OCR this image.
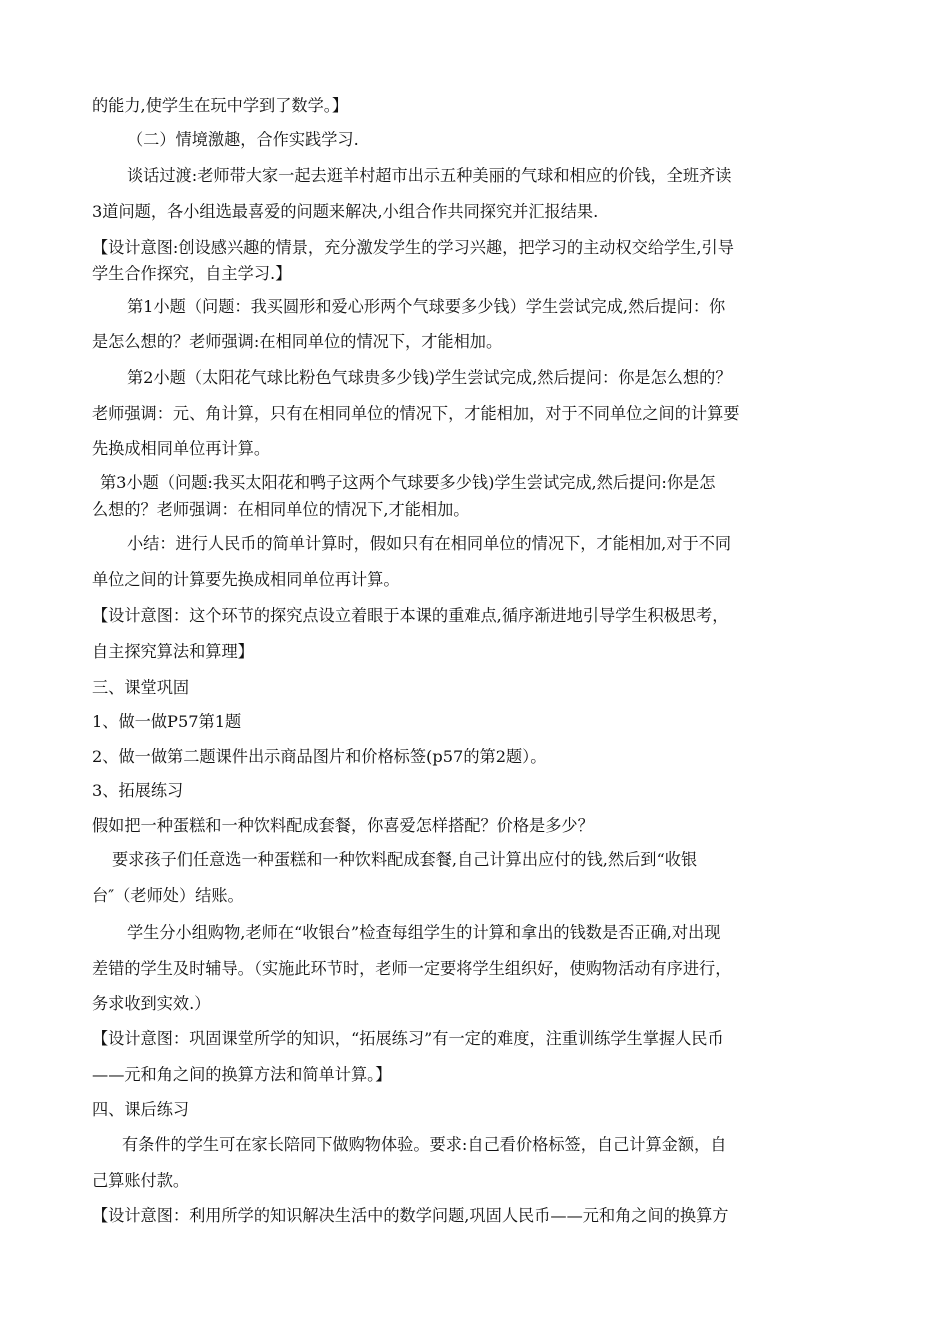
的能力,使学生在玩中学到了数学。】
（二）情境激趣，合作实践学习.
谈话过渡:老师带大家一起去逛羊村超市出示五种美丽的气球和相应的价钱，全班齐读
3道问题，各小组选最喜爱的问题来解决,小组合作共同探究并汇报结果.
【设计意图:创设感兴趣的情景，充分激发学生的学习兴趣，把学习的主动权交给学生,引导
学生合作探究，自主学习.】
第1小题（问题：我买圆形和爱心形两个气球要多少钱）学生尝试完成,然后提问：你
是怎么想的？老师强调:在相同单位的情况下，才能相加。
第2小题（太阳花气球比粉色气球贵多少钱)学生尝试完成,然后提问：你是怎么想的？
老师强调：元、角计算，只有在相同单位的情况下，才能相加，对于不同单位之间的计算要
先换成相同单位再计算。
第3小题（问题:我买太阳花和鸭子这两个气球要多少钱)学生尝试完成,然后提问:你是怎
么想的？老师强调：在相同单位的情况下,才能相加。
小结：进行人民币的简单计算时，假如只有在相同单位的情况下，才能相加,对于不同
单位之间的计算要先换成相同单位再计算。
【设计意图：这个环节的探究点设立着眼于本课的重难点,循序渐进地引导学生积极思考，
自主探究算法和算理】
三、课堂巩固
1、做一做P57第1题
2、做一做第二题课件出示商品图片和价格标签(p57的第2题）。
3、拓展练习
假如把一种蛋糕和一种饮料配成套餐，你喜爱怎样搭配？价格是多少？
要求孩子们任意选一种蛋糕和一种饮料配成套餐,自己计算出应付的钱,然后到“收银
台″（老师处）结账。
学生分小组购物,老师在“收银台”检查每组学生的计算和拿出的钱数是否正确,对出现
差错的学生及时辅导。（实施此环节时，老师一定要将学生组织好，使购物活动有序进行，
务求收到实效.）
【设计意图：巩固课堂所学的知识，“拓展练习”有一定的难度，注重训练学生掌握人民币
——元和角之间的换算方法和简单计算。】
四、课后练习
有条件的学生可在家长陪同下做购物体验。要求:自己看价格标签，自己计算金额，自
己算账付款。
【设计意图：利用所学的知识解决生活中的数学问题,巩固人民币——元和角之间的换算方
